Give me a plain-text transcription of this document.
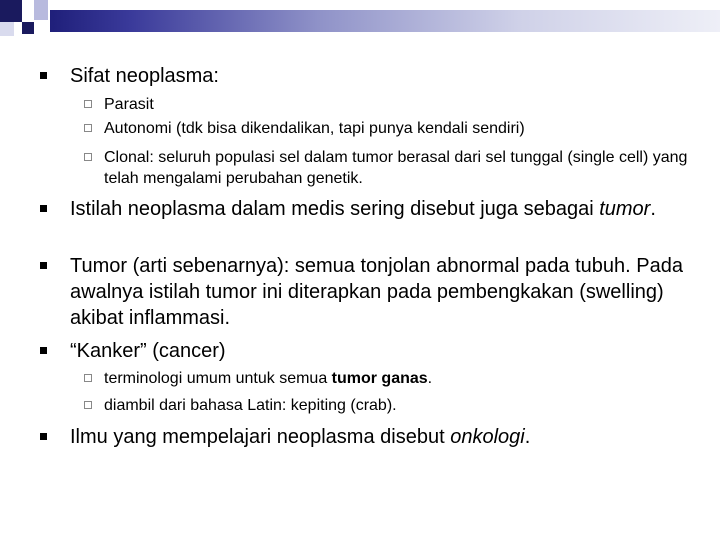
Sifat neoplasma:
Parasit
Autonomi (tdk bisa dikendalikan, tapi punya kendali sendiri)
Clonal: seluruh populasi sel dalam tumor berasal dari sel tunggal (single cell) yang telah mengalami perubahan genetik.
Istilah neoplasma dalam medis sering disebut juga sebagai tumor.
Tumor (arti sebenarnya): semua tonjolan abnormal pada tubuh. Pada awalnya istilah tumor ini diterapkan pada pembengkakan (swelling) akibat inflammasi.
“Kanker” (cancer)
terminologi umum untuk semua tumor ganas.
diambil dari bahasa Latin: kepiting (crab).
Ilmu yang mempelajari neoplasma disebut onkologi.
